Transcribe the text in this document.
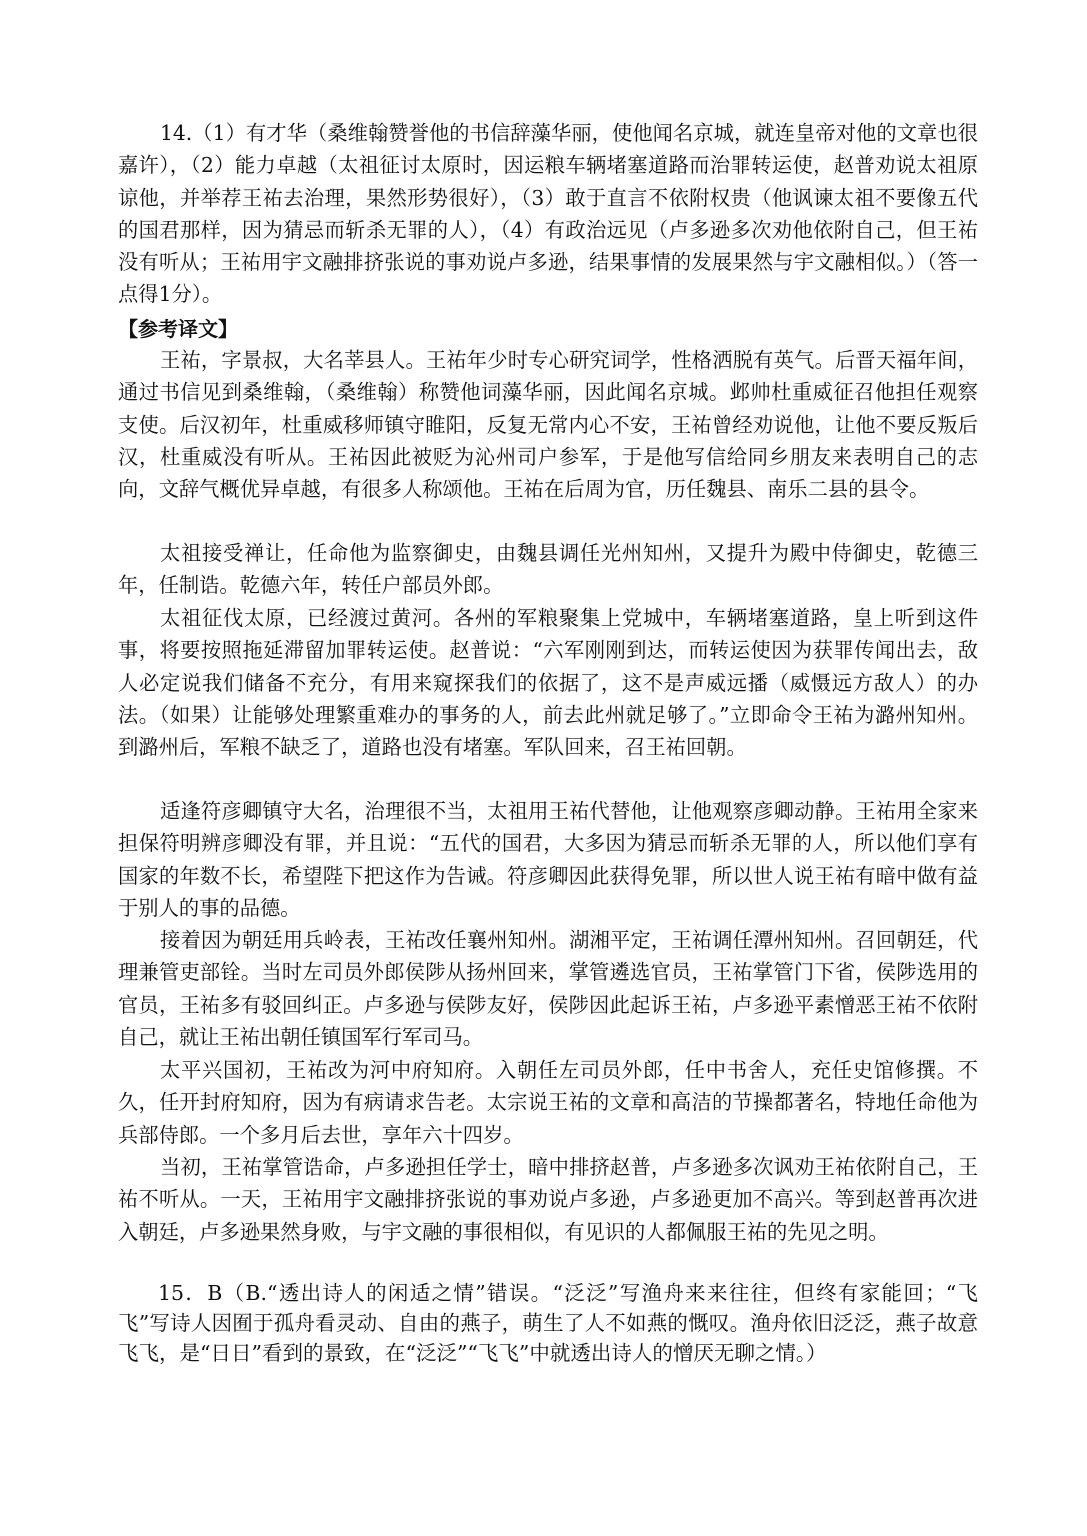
14.（1）有才华（桑维翰赞誉他的书信辞藻华丽，使他闻名京城，就连皇帝对他的文章也很嘉许），（2）能力卓越（太祖征讨太原时，因运粮车辆堵塞道路而治罪转运使，赵普劝说太祖原谅他，并举荐王祐去治理，果然形势很好），（3）敢于直言不依附权贵（他讽谏太祖不要像五代的国君那样，因为猜忌而斩杀无罪的人），（4）有政治远见（卢多逊多次劝他依附自己，但王祐没有听从；王祐用宇文融排挤张说的事劝说卢多逊，结果事情的发展果然与宇文融相似。）（答一点得1分）。

【参考译文】

王祐，字景叔，大名莘县人。王祐年少时专心研究词学，性格洒脱有英气。后晋天福年间，通过书信见到桑维翰，（桑维翰）称赞他词藻华丽，因此闻名京城。邺帅杜重威征召他担任观察支使。后汉初年，杜重威移师镇守睢阳，反复无常内心不安，王祐曾经劝说他，让他不要反叛后汉，杜重威没有听从。王祐因此被贬为沁州司户参军，于是他写信给同乡朋友来表明自己的志向，文辞气概优异卓越，有很多人称颂他。王祐在后周为官，历任魏县、南乐二县的县令。

太祖接受禅让，任命他为监察御史，由魏县调任光州知州，又提升为殿中侍御史，乾德三年，任制诰。乾德六年，转任户部员外郎。

太祖征伐太原，已经渡过黄河。各州的军粮聚集上党城中，车辆堵塞道路，皇上听到这件事，将要按照拖延滞留加罪转运使。赵普说：“六军刚刚到达，而转运使因为获罪传闻出去，敌人必定说我们储备不充分，有用来窥探我们的依据了，这不是声威远播（威慑远方敌人）的办法。（如果）让能够处理繁重难办的事务的人，前去此州就足够了。”立即命令王祐为潞州知州。到潞州后，军粮不缺乏了，道路也没有堵塞。军队回来，召王祐回朝。

适逢符彦卿镇守大名，治理很不当，太祖用王祐代替他，让他观察彦卿动静。王祐用全家来担保符明辨彦卿没有罪，并且说：“五代的国君，大多因为猜忌而斩杀无罪的人，所以他们享有国家的年数不长，希望陛下把这作为告诫。符彦卿因此获得免罪，所以世人说王祐有暗中做有益于别人的事的品德。

接着因为朝廷用兵岭表，王祐改任襄州知州。湖湘平定，王祐调任潭州知州。召回朝廷，代理兼管吏部铨。当时左司员外郎侯陟从扬州回来，掌管遴选官员，王祐掌管门下省，侯陟选用的官员，王祐多有驳回纠正。卢多逊与侯陟友好，侯陟因此起诉王祐，卢多逊平素憎恶王祐不依附自己，就让王祐出朝任镇国军行军司马。

太平兴国初，王祐改为河中府知府。入朝任左司员外郎，任中书舍人，充任史馆修撰。不久，任开封府知府，因为有病请求告老。太宗说王祐的文章和高洁的节操都著名，特地任命他为兵部侍郎。一个多月后去世，享年六十四岁。

当初，王祐掌管诰命，卢多逊担任学士，暗中排挤赵普，卢多逊多次讽劝王祐依附自己，王祐不听从。一天，王祐用宇文融排挤张说的事劝说卢多逊，卢多逊更加不高兴。等到赵普再次进入朝廷，卢多逊果然身败，与宇文融的事很相似，有见识的人都佩服王祐的先见之明。

15．B（B.“透出诗人的闲适之情”错误。“泛泛”写渔舟来来往往，但终有家能回；“飞飞”写诗人因囿于孤舟看灵动、自由的燕子，萌生了人不如燕的慨叹。渔舟依旧泛泛，燕子故意飞飞，是“日日”看到的景致，在“泛泛”“飞飞”中就透出诗人的憎厌无聊之情。）
